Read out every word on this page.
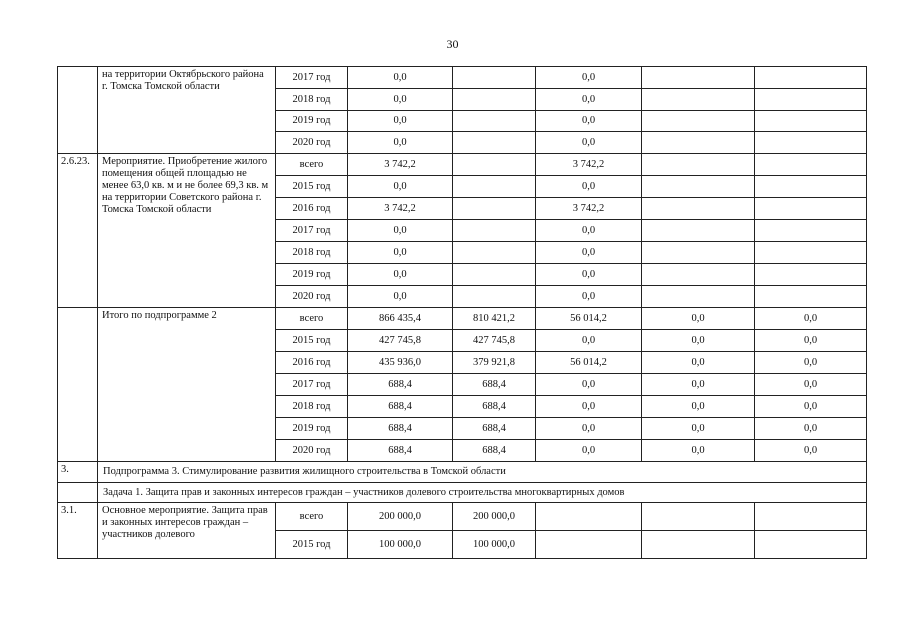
30
	на территории Октябрьского района г. Томска Томской области	2017 год	0,0		0,0		
		2018 год	0,0		0,0		
		2019 год	0,0		0,0		
		2020 год	0,0		0,0		
2.6.23.	Мероприятие. Приобретение жилого помещения общей площадью не менее 63,0 кв. м и не более 69,3 кв. м на территории Советского района г. Томска Томской области	всего	3 742,2		3 742,2		
		2015 год	0,0		0,0		
		2016 год	3 742,2		3 742,2		
		2017 год	0,0		0,0		
		2018 год	0,0		0,0		
		2019 год	0,0		0,0		
		2020 год	0,0		0,0		
	Итого по подпрограмме 2	всего	866 435,4	810 421,2	56 014,2	0,0	0,0
		2015 год	427 745,8	427 745,8	0,0	0,0	0,0
		2016 год	435 936,0	379 921,8	56 014,2	0,0	0,0
		2017 год	688,4	688,4	0,0	0,0	0,0
		2018 год	688,4	688,4	0,0	0,0	0,0
		2019 год	688,4	688,4	0,0	0,0	0,0
		2020 год	688,4	688,4	0,0	0,0	0,0
3.	Подпрограмма 3. Стимулирование развития жилищного строительства в Томской области						
	Задача 1. Защита прав и законных интересов граждан – участников долевого строительства многоквартирных домов						
3.1.	Основное мероприятие. Защита прав и законных интересов граждан – участников долевого	всего	200 000,0	200 000,0			
		2015 год	100 000,0	100 000,0			
